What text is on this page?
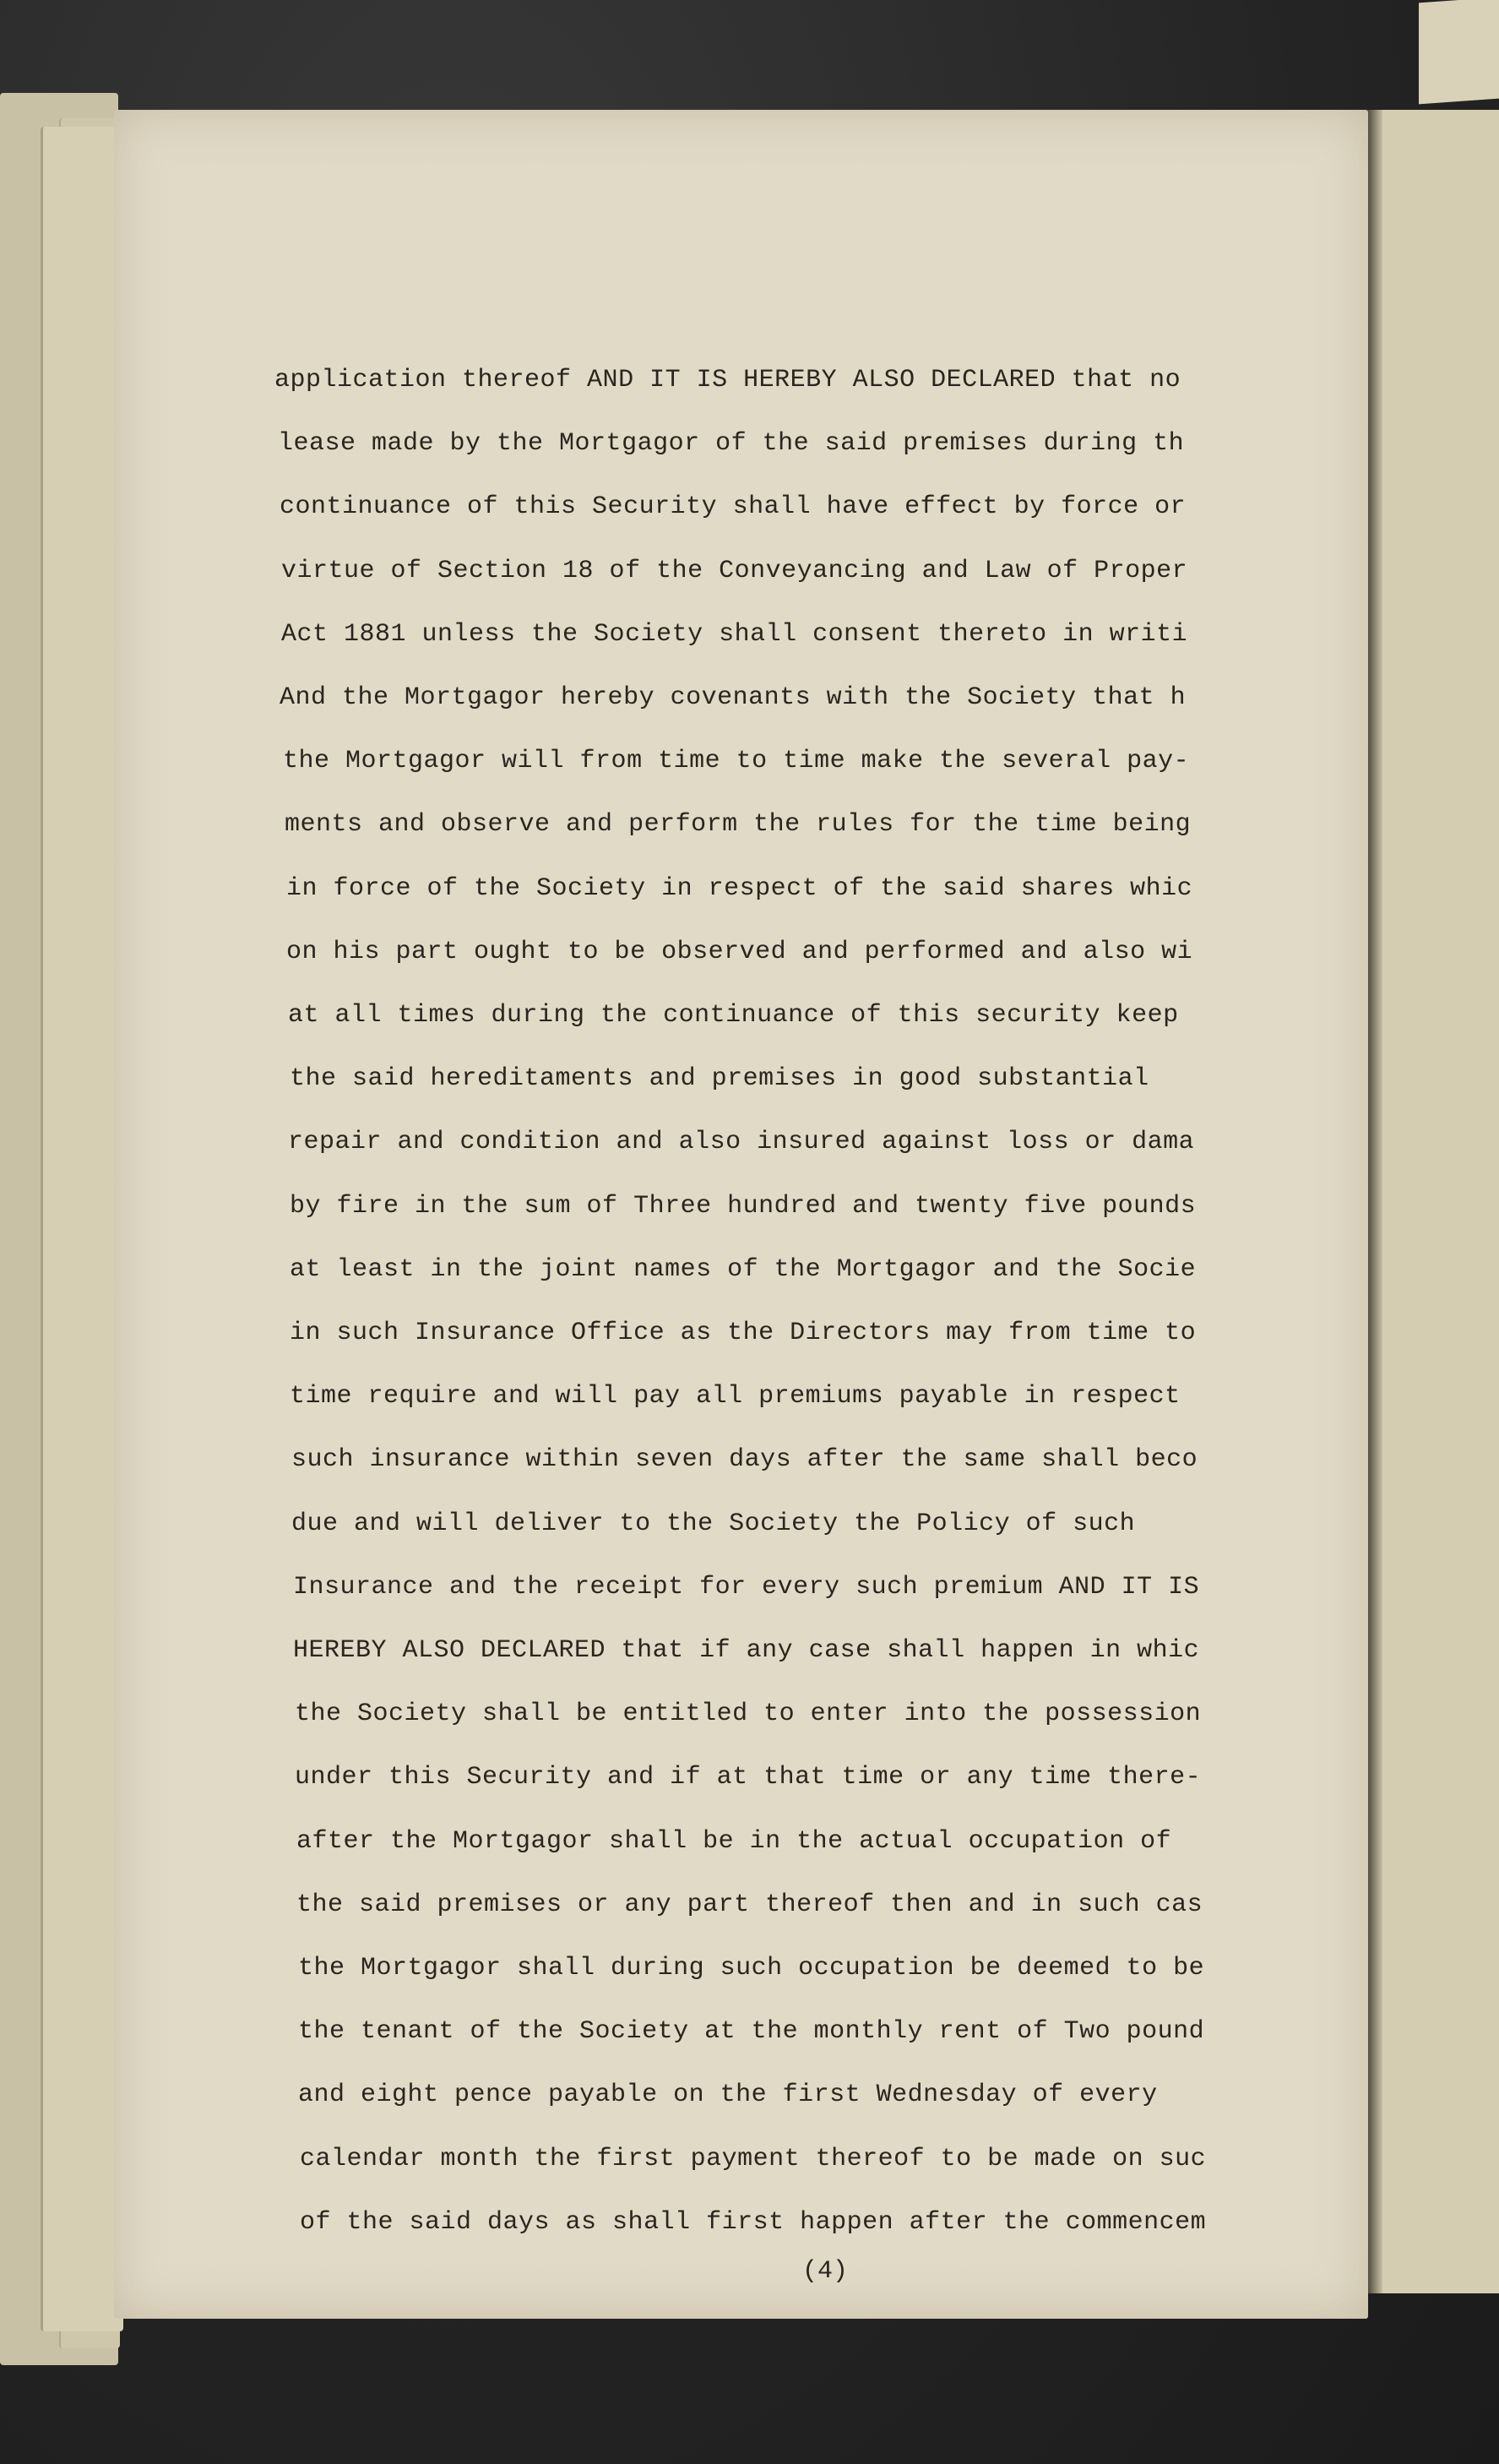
application thereof AND IT IS HEREBY ALSO DECLARED that no
lease made by the Mortgagor of the said premises during th
continuance of this Security shall have effect by force or
virtue of Section 18 of the Conveyancing and Law of Proper
Act 1881 unless the Society shall consent thereto in writi
And the Mortgagor hereby covenants with the Society that h
the Mortgagor will from time to time make the several pay-
ments and observe and perform the rules for the time being
in force of the Society in respect of the said shares whic
on his part ought to be observed and performed and also wi
at all times during the continuance of this security keep
the said hereditaments and premises in good substantial
repair and condition and also insured against loss or dama
by fire in the sum of Three hundred and twenty five pounds
at least in the joint names of the Mortgagor and the Socie
in such Insurance Office as the Directors may from time to
time require and will pay all premiums payable in respect
such insurance within seven days after the same shall beco
due and will deliver to the Society the Policy of such
Insurance and the receipt for every such premium AND IT IS
HEREBY ALSO DECLARED that if any case shall happen in whic
the Society shall be entitled to enter into the possession
under this Security and if at that time or any time there-
after the Mortgagor shall be in the actual occupation of
the said premises or any part thereof then and in such cas
the Mortgagor shall during such occupation be deemed to be
the tenant of the Society at the monthly rent of Two pound
and eight pence payable on the first Wednesday of every
calendar month the first payment thereof to be made on suc
of the said days as shall first happen after the commencem
(4)
